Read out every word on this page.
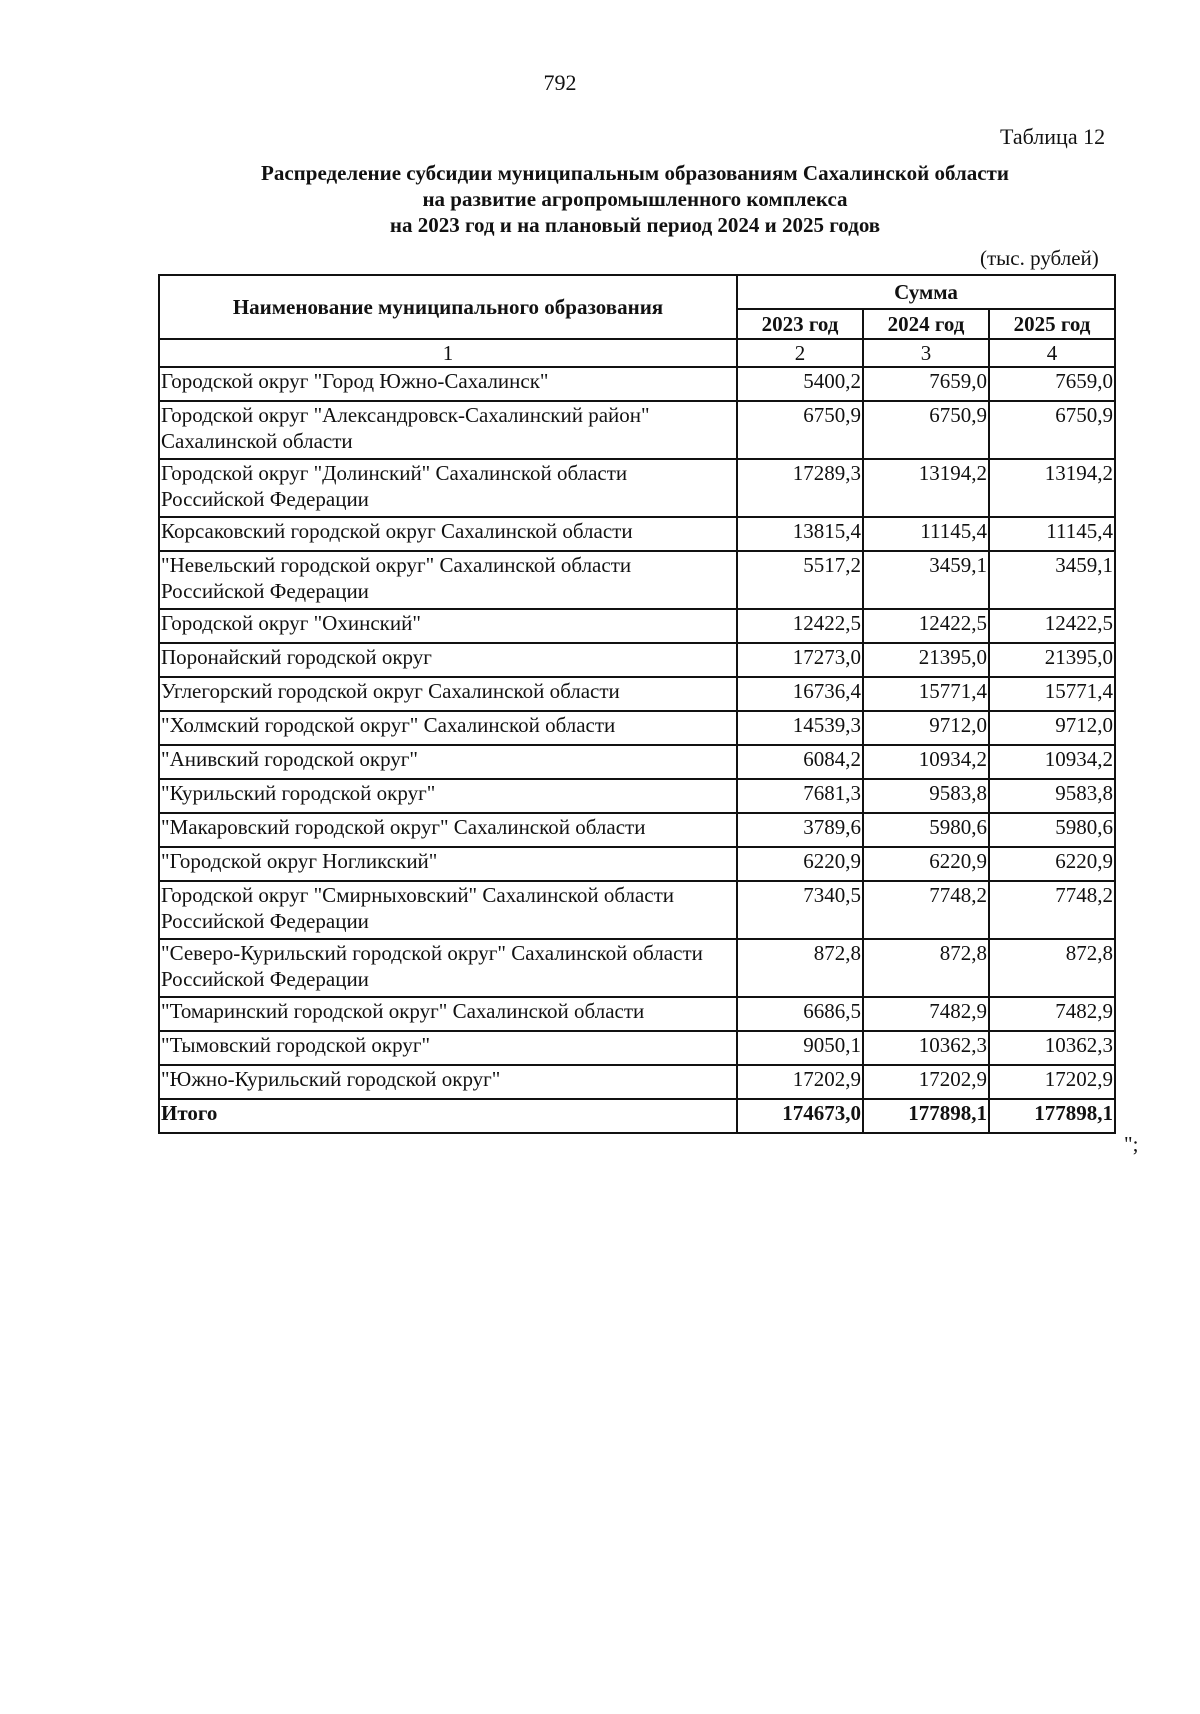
792
Таблица 12
Распределение субсидии муниципальным образованиям Сахалинской области
на развитие агропромышленного комплекса
на 2023 год и на плановый период 2024 и 2025 годов
(тыс. рублей)
Наименование муниципального образования	Сумма		
	2023 год	2024 год	2025 год
1	2	3	4
Городской округ "Город Южно-Сахалинск"	5400,2	7659,0	7659,0
Городской округ "Александровск-Сахалинский район" Сахалинской области	6750,9	6750,9	6750,9
Городской округ "Долинский" Сахалинской области Российской Федерации	17289,3	13194,2	13194,2
Корсаковский городской округ Сахалинской области	13815,4	11145,4	11145,4
"Невельский городской округ" Сахалинской области Российской Федерации	5517,2	3459,1	3459,1
Городской округ "Охинский"	12422,5	12422,5	12422,5
Поронайский городской округ	17273,0	21395,0	21395,0
Углегорский городской округ Сахалинской области	16736,4	15771,4	15771,4
"Холмский городской округ" Сахалинской области	14539,3	9712,0	9712,0
"Анивский городской округ"	6084,2	10934,2	10934,2
"Курильский городской округ"	7681,3	9583,8	9583,8
"Макаровский городской округ" Сахалинской области	3789,6	5980,6	5980,6
"Городской округ Ногликский"	6220,9	6220,9	6220,9
Городской округ "Смирныховский" Сахалинской области Российской Федерации	7340,5	7748,2	7748,2
"Северо-Курильский городской округ" Сахалинской области Российской Федерации	872,8	872,8	872,8
"Томаринский городской округ" Сахалинской области	6686,5	7482,9	7482,9
"Тымовский городской округ"	9050,1	10362,3	10362,3
"Южно-Курильский городской округ"	17202,9	17202,9	17202,9
Итого	174673,0	177898,1	177898,1
";
